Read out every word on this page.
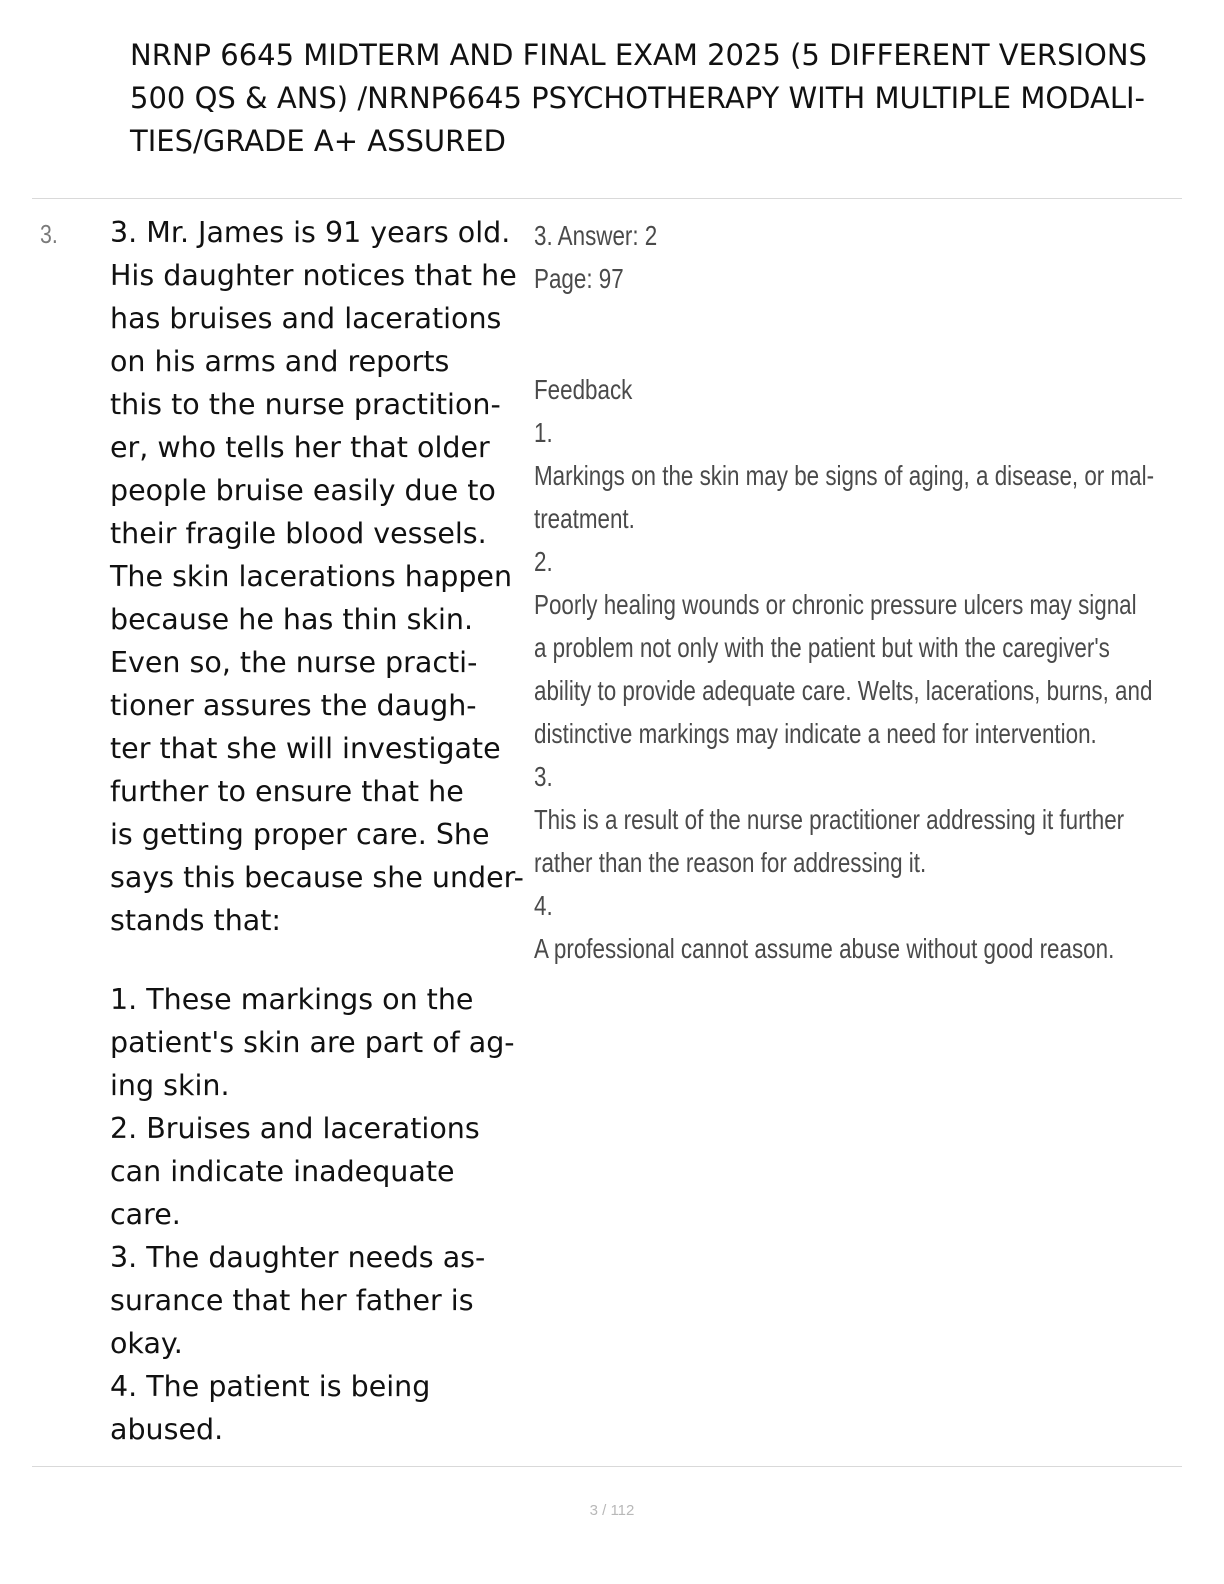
NRNP 6645 MIDTERM AND FINAL EXAM 2025 (5 DIFFERENT VERSIONS
500 QS & ANS) /NRNP6645 PSYCHOTHERAPY WITH MULTIPLE MODALI-
TIES/GRADE A+ ASSURED
3. 3. Mr. James is 91 years old.
His daughter notices that he
has bruises and lacerations
on his arms and reports
this to the nurse practition-
er, who tells her that older
people bruise easily due to
their fragile blood vessels.
The skin lacerations happen
because he has thin skin.
Even so, the nurse practi-
tioner assures the daugh-
ter that she will investigate
further to ensure that he
is getting proper care. She
says this because she under-
stands that:
1. These markings on the
patient's skin are part of ag-
ing skin.
2. Bruises and lacerations
can indicate inadequate
care.
3. The daughter needs as-
surance that her father is
okay.
4. The patient is being
abused.
3. Answer: 2
Page: 97
Feedback
1.
Markings on the skin may be signs of aging, a disease, or mal-
treatment.
2.
Poorly healing wounds or chronic pressure ulcers may signal
a problem not only with the patient but with the caregiver's
ability to provide adequate care. Welts, lacerations, burns, and
distinctive markings may indicate a need for intervention.
3.
This is a result of the nurse practitioner addressing it further
rather than the reason for addressing it.
4.
A professional cannot assume abuse without good reason.
3 / 112
